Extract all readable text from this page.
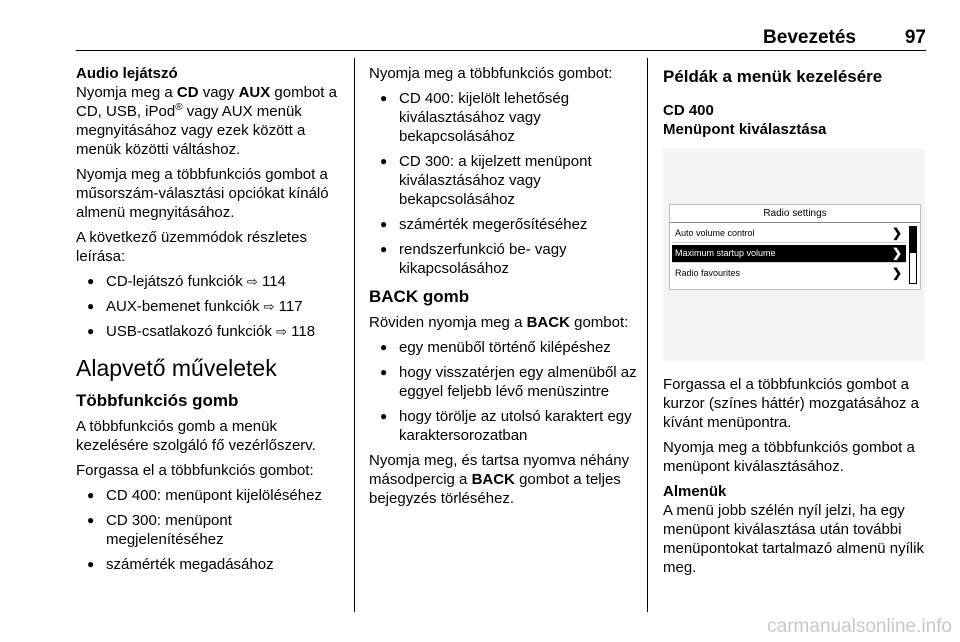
Bevezetés	97

Audio lejátszó

Nyomja meg a CD vagy AUX gombot a CD, USB, iPod® vagy AUX menük megnyitásához vagy ezek között a menük közötti váltáshoz.

Nyomja meg a többfunkciós gombot a műsorszám-választási opciókat kínáló almenü megnyitásához.

A következő üzemmódok részletes leírása:

● CD-lejátszó funkciók ⇨ 114
● AUX-bemenet funkciók ⇨ 117
● USB-csatlakozó funkciók ⇨ 118
Alapvető műveletek
Többfunkciós gomb

A többfunkciós gomb a menük kezelésére szolgáló fő vezérlőszerv.

Forgassa el a többfunkciós gombot:

● CD 400: menüpont kijelöléséhez
● CD 300: menüpont megjelenítéséhez
● számérték megadásához

Nyomja meg a többfunkciós gombot:

● CD 400: kijelölt lehetőség kiválasztásához vagy bekapcsolásához
● CD 300: a kijelzett menüpont kiválasztásához vagy bekapcsolásához
● számérték megerősítéséhez
● rendszerfunkció be- vagy kikapcsolásához
BACK gomb

Röviden nyomja meg a BACK gombot:

● egy menüből történő kilépéshez
● hogy visszatérjen egy almenüből az eggyel feljebb lévő menüszintre
● hogy törölje az utolsó karaktert egy karaktersorozatban

Nyomja meg, és tartsa nyomva néhány másodpercig a BACK gombot a teljes bejegyzés törléséhez.

Példák a menük kezelésére
CD 400
Menüpont kiválasztása
Radio settings
Auto volume control	❯
Maximum startup volume	❯
Radio favourites	❯

Forgassa el a többfunkciós gombot a kurzor (színes háttér) mozgatásához a kívánt menüpontra.

Nyomja meg a többfunkciós gombot a menüpont kiválasztásához.

Almenük

A menü jobb szélén nyíl jelzi, ha egy menüpont kiválasztása után további menüpontokat tartalmazó almenü nyílik meg.

carmanualsonline.info
